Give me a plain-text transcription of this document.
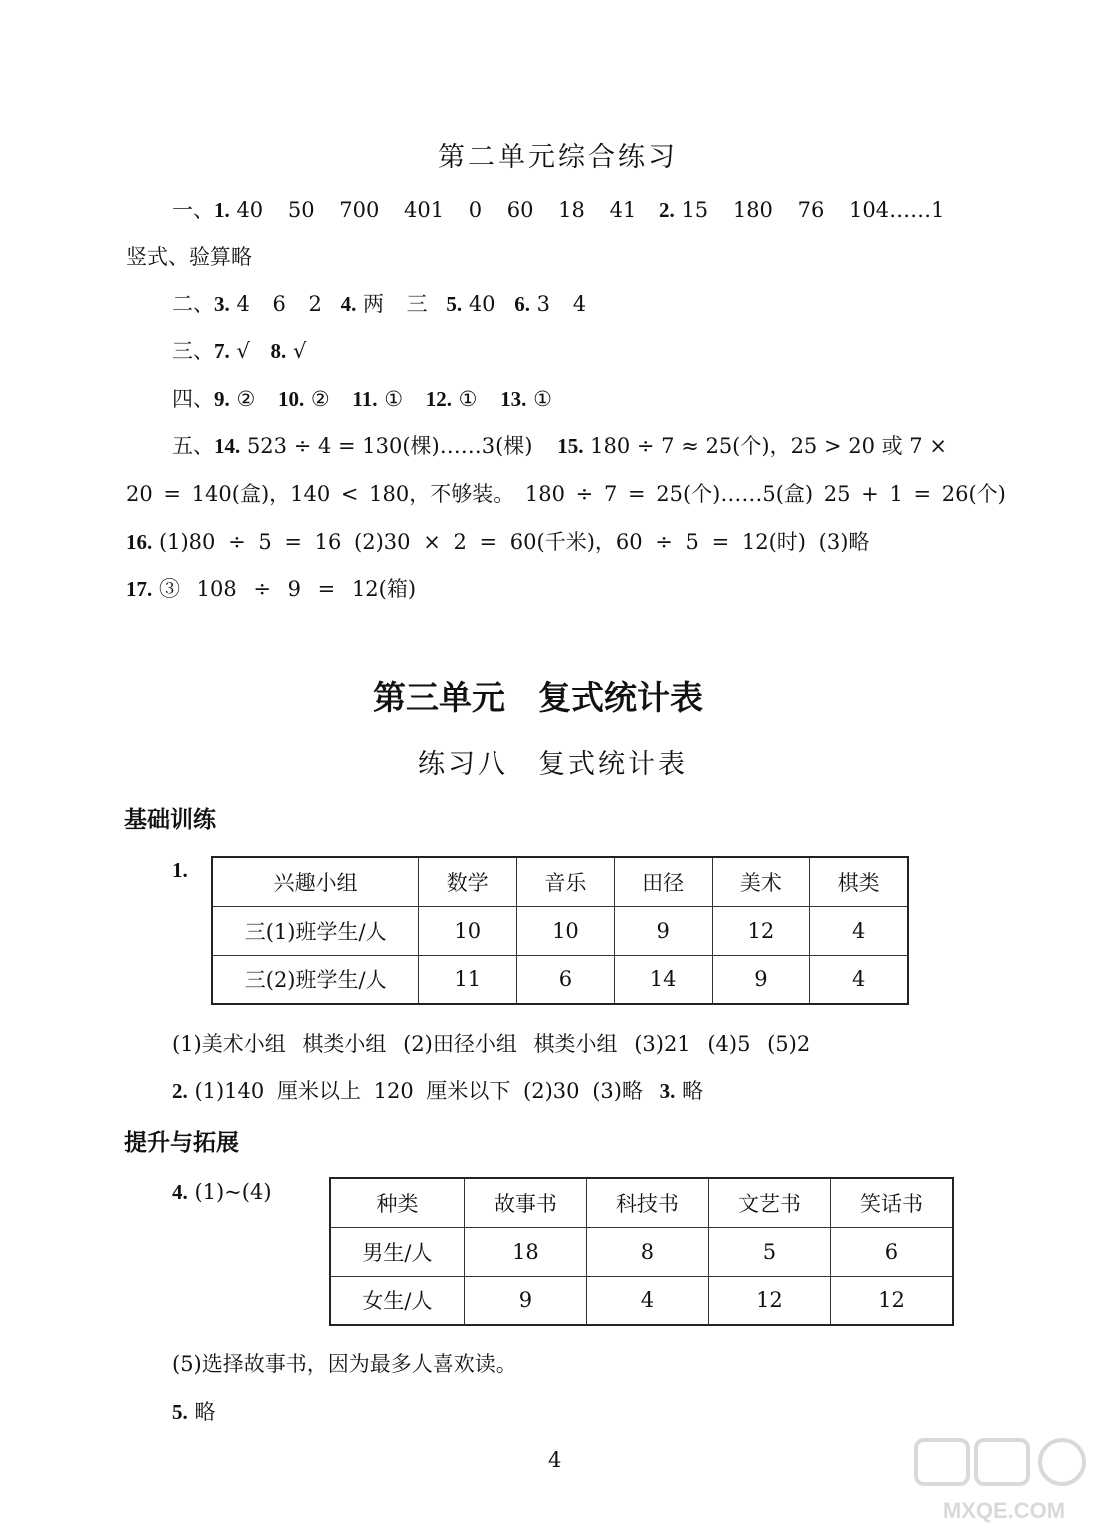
第二单元综合练习
一、1. 40 50 700 401 0 60 18 41 2. 15 180 76 104……1
竖式、验算略
二、3. 4 6 2 4. 两 三 5. 40 6. 3 4
三、7. √ 8. √
四、9. ② 10. ② 11. ① 12. ① 13. ①
五、14. 523 ÷ 4 = 130(棵)……3(棵) 15. 180 ÷ 7 ≈ 25(个)，25 > 20 或 7 ×
20 = 140(盒)，140 < 180，不够装。 180 ÷ 7 = 25(个)……5(盒) 25 + 1 = 26(个)
16. (1)80 ÷ 5 = 16 (2)30 × 2 = 60(千米)，60 ÷ 5 = 12(时) (3)略
17. ③ 108 ÷ 9 = 12(箱)
第三单元　复式统计表
练习八　复式统计表
基础训练
1.
兴趣小组	数学	音乐	田径	美术	棋类
三(1)班学生/人	10	10	9	12	4
三(2)班学生/人	11	6	14	9	4
(1)美术小组 棋类小组 (2)田径小组 棋类小组 (3)21 (4)5 (5)2
2. (1)140 厘米以上 120 厘米以下 (2)30 (3)略 3. 略
提升与拓展
4. (1)~(4)	种类	故事书	科技书	文艺书	笑话书
男生/人	18	8	5	6
女生/人	9	4	12	12
(5)选择故事书，因为最多人喜欢读。
5. 略
4
MXQE.COM
